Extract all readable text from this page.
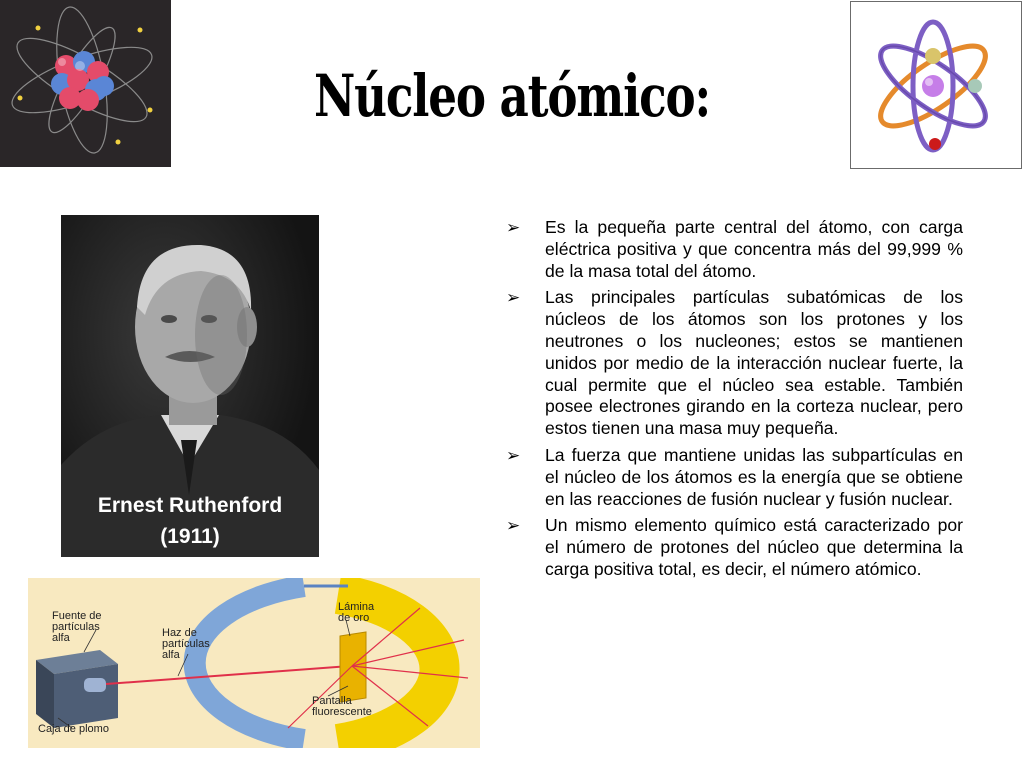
Núcleo atómico:
Ernest Ruthenford
(1911)
Fuente de
partículas
alfa	Haz de
partículas
alfa
Lámina
de oro
Pantalla
fluorescente
Caja de plomo
➢ Es la pequeña parte central del átomo, con carga eléctrica positiva y que concentra más del 99,999 % de la masa total del átomo.
➢ Las principales partículas subatómicas de los núcleos de los átomos son los protones y los neutrones o los nucleones; estos se mantienen unidos por medio de la interacción nuclear fuerte, la cual permite que el núcleo sea estable. También posee electrones girando en la corteza nuclear, pero estos tienen una masa muy pequeña.
➢ La fuerza que mantiene unidas las subpartículas en el núcleo de los átomos es la energía que se obtiene en las reacciones de fusión nuclear y fusión nuclear.
➢ Un mismo elemento químico está caracterizado por el número de protones del núcleo que determina la carga positiva total, es decir, el número atómico.
